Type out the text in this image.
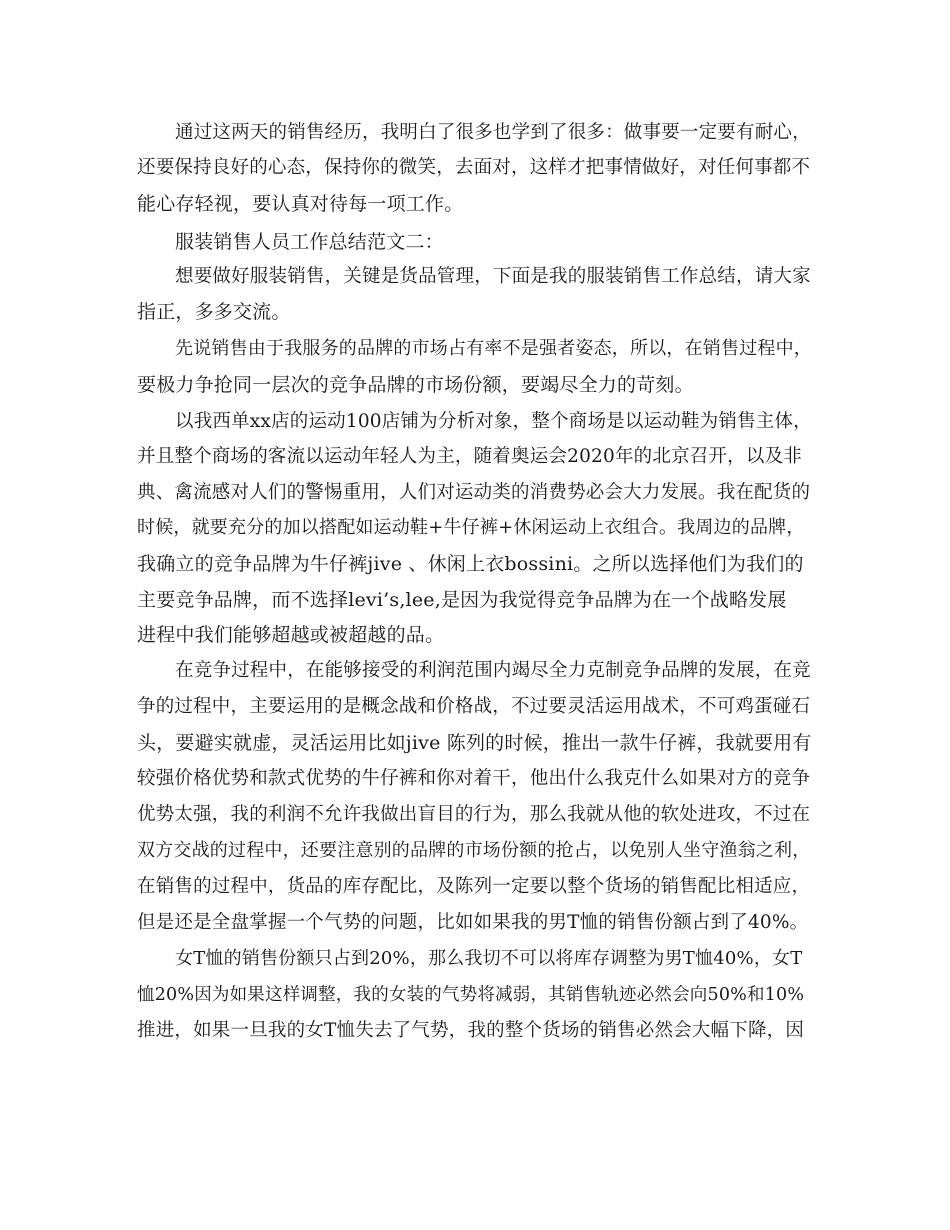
通过这两天的销售经历，我明白了很多也学到了很多：做事要一定要有耐心，
还要保持良好的心态，保持你的微笑，去面对，这样才把事情做好，对任何事都不
能心存轻视，要认真对待每一项工作。
服装销售人员工作总结范文二：
想要做好服装销售，关键是货品管理，下面是我的服装销售工作总结，请大家
指正，多多交流。
先说销售由于我服务的品牌的市场占有率不是强者姿态，所以，在销售过程中，
要极力争抢同一层次的竞争品牌的市场份额，要竭尽全力的苛刻。
以我西单xx店的运动100店铺为分析对象，整个商场是以运动鞋为销售主体，
并且整个商场的客流以运动年轻人为主，随着奥运会2020年的北京召开，以及非
典、禽流感对人们的警惕重用，人们对运动类的消费势必会大力发展。我在配货的
时候，就要充分的加以搭配如运动鞋+牛仔裤+休闲运动上衣组合。我周边的品牌，
我确立的竞争品牌为牛仔裤jive 、休闲上衣bossini。之所以选择他们为我们的
主要竞争品牌，而不选择levi’s,lee,是因为我觉得竞争品牌为在一个战略发展
进程中我们能够超越或被超越的品。
在竞争过程中，在能够接受的利润范围内竭尽全力克制竞争品牌的发展，在竞
争的过程中，主要运用的是概念战和价格战，不过要灵活运用战术，不可鸡蛋碰石
头，要避实就虚，灵活运用比如jive 陈列的时候，推出一款牛仔裤，我就要用有
较强价格优势和款式优势的牛仔裤和你对着干，他出什么我克什么如果对方的竞争
优势太强，我的利润不允许我做出盲目的行为，那么我就从他的软处进攻，不过在
双方交战的过程中，还要注意别的品牌的市场份额的抢占，以免别人坐守渔翁之利，
在销售的过程中，货品的库存配比，及陈列一定要以整个货场的销售配比相适应，
但是还是全盘掌握一个气势的问题，比如如果我的男T恤的销售份额占到了40%。
女T恤的销售份额只占到20%，那么我切不可以将库存调整为男T恤40%，女T
恤20%因为如果这样调整，我的女装的气势将减弱，其销售轨迹必然会向50%和10%
推进，如果一旦我的女T恤失去了气势，我的整个货场的销售必然会大幅下降，因
